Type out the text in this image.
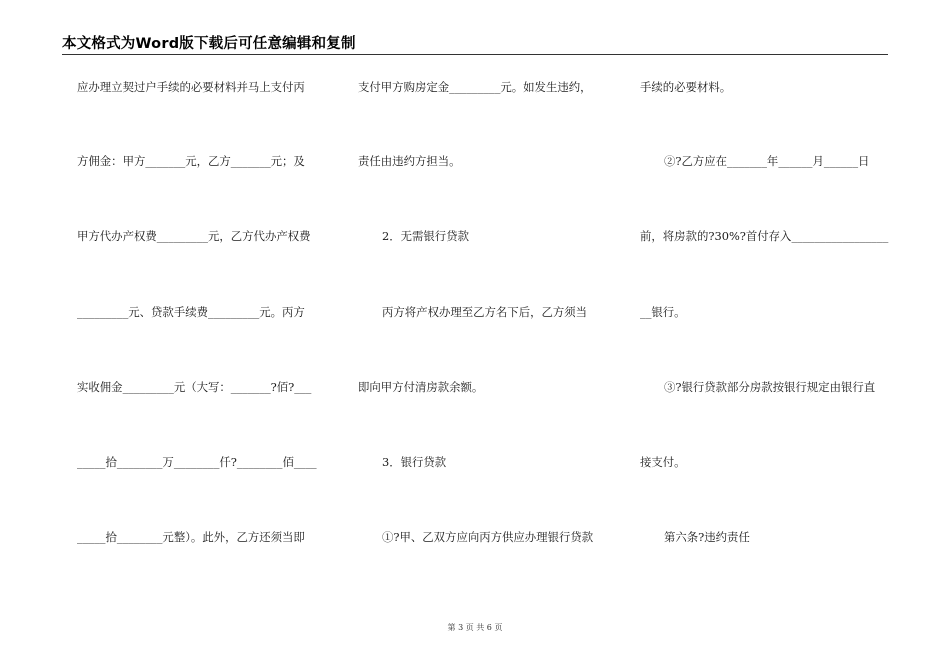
本文格式为Word版下载后可任意编辑和复制
应办理立契过户手续的必要材料并马上支付丙
方佣金：甲方_______元，乙方_______元；及
甲方代办产权费_________元，乙方代办产权费
_________元、贷款手续费_________元。丙方
实收佣金_________元（大写：_______?佰?___
_____拾________万________仟?________佰____
_____拾________元整）。此外，乙方还须当即
支付甲方购房定金_________元。如发生违约，
责任由违约方担当。
2．无需银行贷款
丙方将产权办理至乙方名下后，乙方须当
即向甲方付清房款余额。
3．银行贷款
①?甲、乙双方应向丙方供应办理银行贷款
手续的必要材料。
②?乙方应在_______年______月______日
前，将房款的?30%?首付存入_________________
__银行。
③?银行贷款部分房款按银行规定由银行直
接支付。
第六条?违约责任
第 3 页 共 6 页
